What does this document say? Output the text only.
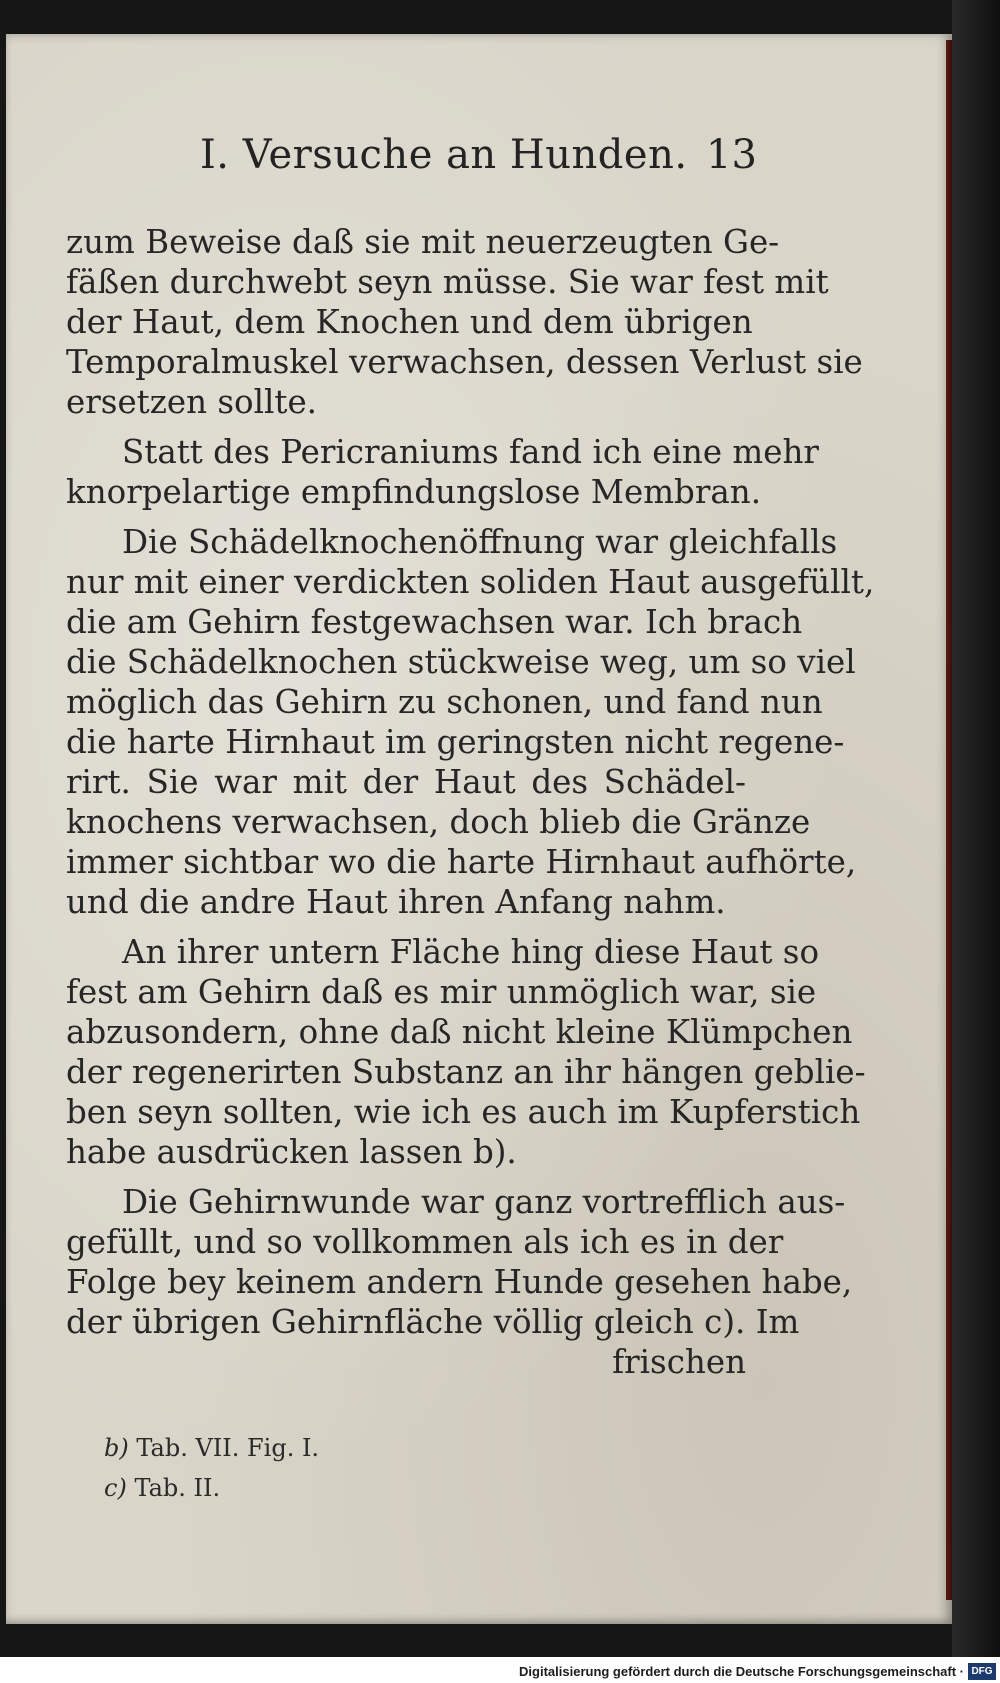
I. Versuche an Hunden. 13
zum Beweise daß sie mit neuerzeugten Ge-
fäßen durchwebt seyn müsse. Sie war fest mit
der Haut, dem Knochen und dem übrigen
Temporalmuskel verwachsen, dessen Verlust sie
ersetzen sollte.
Statt des Pericraniums fand ich eine mehr
knorpelartige empfindungslose Membran.
Die Schädelknochenöffnung war gleichfalls
nur mit einer verdickten soliden Haut ausgefüllt,
die am Gehirn festgewachsen war. Ich brach
die Schädelknochen stückweise weg, um so viel
möglich das Gehirn zu schonen, und fand nun
die harte Hirnhaut im geringsten nicht regene-
rirt. Sie war mit der Haut des Schädel-
knochens verwachsen, doch blieb die Gränze
immer sichtbar wo die harte Hirnhaut aufhörte,
und die andre Haut ihren Anfang nahm.
An ihrer untern Fläche hing diese Haut so
fest am Gehirn daß es mir unmöglich war, sie
abzusondern, ohne daß nicht kleine Klümpchen
der regenerirten Substanz an ihr hängen geblie-
ben seyn sollten, wie ich es auch im Kupferstich
habe ausdrücken lassen b).
Die Gehirnwunde war ganz vortrefflich aus-
gefüllt, und so vollkommen als ich es in der
Folge bey keinem andern Hunde gesehen habe,
der übrigen Gehirnfläche völlig gleich c). Im
frischen
b) Tab. VII. Fig. I.
c) Tab. II.
Digitalisierung gefördert durch die Deutsche Forschungsgemeinschaft · DFG
